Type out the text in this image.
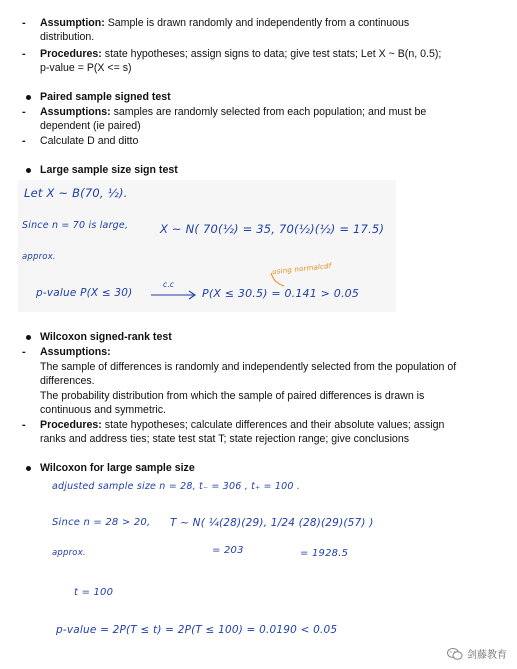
- Assumption: Sample is drawn randomly and independently from a continuous
distribution.
- Procedures: state hypotheses; assign signs to data; give test stats; Let X ~ B(n, 0.5);
p-value = P(X <= s)
Paired sample signed test
- Assumptions: samples are randomly selected from each population; and must be
dependent (ie paired)
- Calculate D and ditto
Large sample size sign test
Let X ~ B(70, ½).
Since n = 70 is large,	X ~ N( 70(½) = 35, 70(½)(½) = 17.5)
approx.
using normalcdf
p-value P(X ≤ 30)
c.c
P(X ≤ 30.5) = 0.141 > 0.05
Wilcoxon signed-rank test
- Assumptions:
The sample of differences is randomly and independently selected from the population of
differences.
The probability distribution from which the sample of paired differences is drawn is
continuous and symmetric.
- Procedures: state hypotheses; calculate differences and their absolute values; assign
ranks and address ties; state test stat T; state rejection range; give conclusions
Wilcoxon for large sample size
adjusted sample size n = 28, t₋ = 306 , t₊ = 100 .
Since n = 28 > 20, T ~ N( ¼(28)(29), 1/24 (28)(29)(57) )
approx.	= 203	= 1928.5
t = 100
p-value = 2P(T ≤ t) = 2P(T ≤ 100) = 0.0190 < 0.05
剑藤教育
